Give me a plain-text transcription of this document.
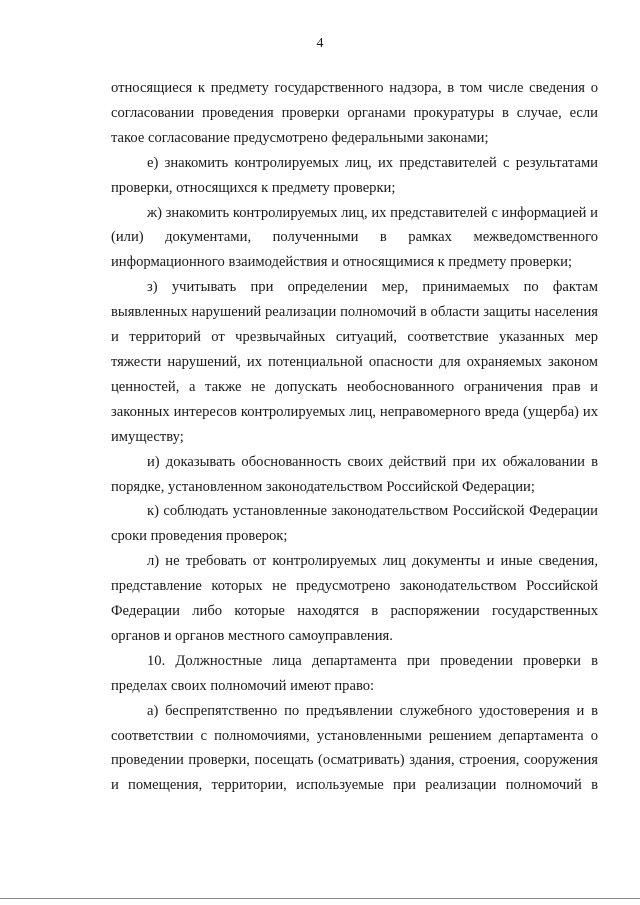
4

относящиеся к предмету государственного надзора, в том числе сведения о согласовании проведения проверки органами прокуратуры в случае, если такое согласование предусмотрено федеральными законами;

е) знакомить контролируемых лиц, их представителей с результатами проверки, относящихся к предмету проверки;

ж) знакомить контролируемых лиц, их представителей с информацией и (или) документами, полученными в рамках межведомственного информационного взаимодействия и относящимися к предмету проверки;

з) учитывать при определении мер, принимаемых по фактам выявленных нарушений реализации полномочий в области защиты населения и территорий от чрезвычайных ситуаций, соответствие указанных мер тяжести нарушений, их потенциальной опасности для охраняемых законом ценностей, а также не допускать необоснованного ограничения прав и законных интересов контролируемых лиц, неправомерного вреда (ущерба) их имуществу;

и) доказывать обоснованность своих действий при их обжаловании в порядке, установленном законодательством Российской Федерации;

к) соблюдать установленные законодательством Российской Федерации сроки проведения проверок;

л) не требовать от контролируемых лиц документы и иные сведения, представление которых не предусмотрено законодательством Российской Федерации либо которые находятся в распоряжении государственных органов и органов местного самоуправления.

10. Должностные лица департамента при проведении проверки в пределах своих полномочий имеют право:

а) беспрепятственно по предъявлении служебного удостоверения и в соответствии с полномочиями, установленными решением департамента о проведении проверки, посещать (осматривать) здания, строения, сооружения и помещения, территории, используемые при реализации полномочий в
